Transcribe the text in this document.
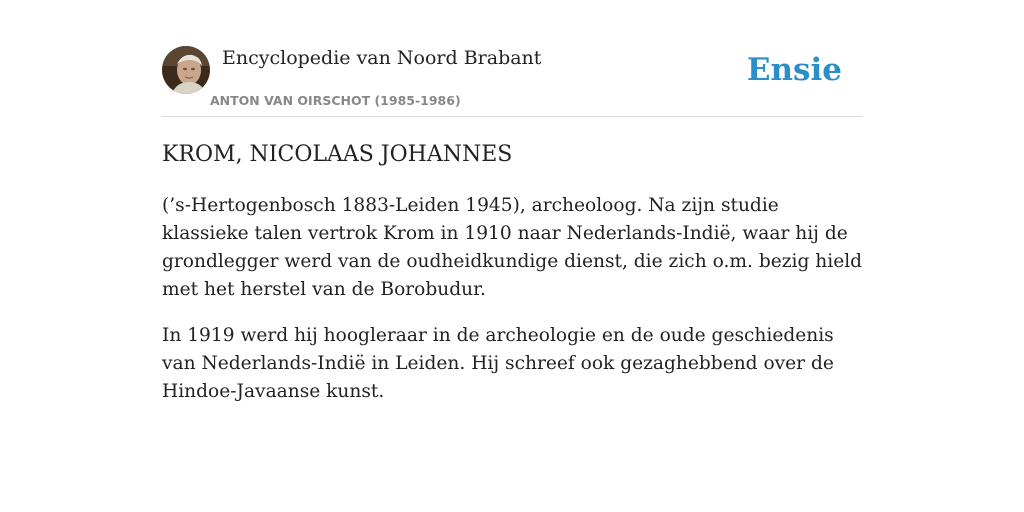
Encyclopedie van Noord Brabant
ANTON VAN OIRSCHOT (1985-1986)
Ensie
KROM, NICOLAAS JOHANNES

(’s-Hertogenbosch 1883-Leiden 1945), archeoloog. Na zijn studie klassieke talen vertrok Krom in 1910 naar Nederlands-Indië, waar hij de grondlegger werd van de oudheidkundige dienst, die zich o.m. bezig hield met het herstel van de Borobudur.

In 1919 werd hij hoogleraar in de archeologie en de oude geschiedenis van Nederlands-Indië in Leiden. Hij schreef ook gezaghebbend over de Hindoe-Javaanse kunst.
